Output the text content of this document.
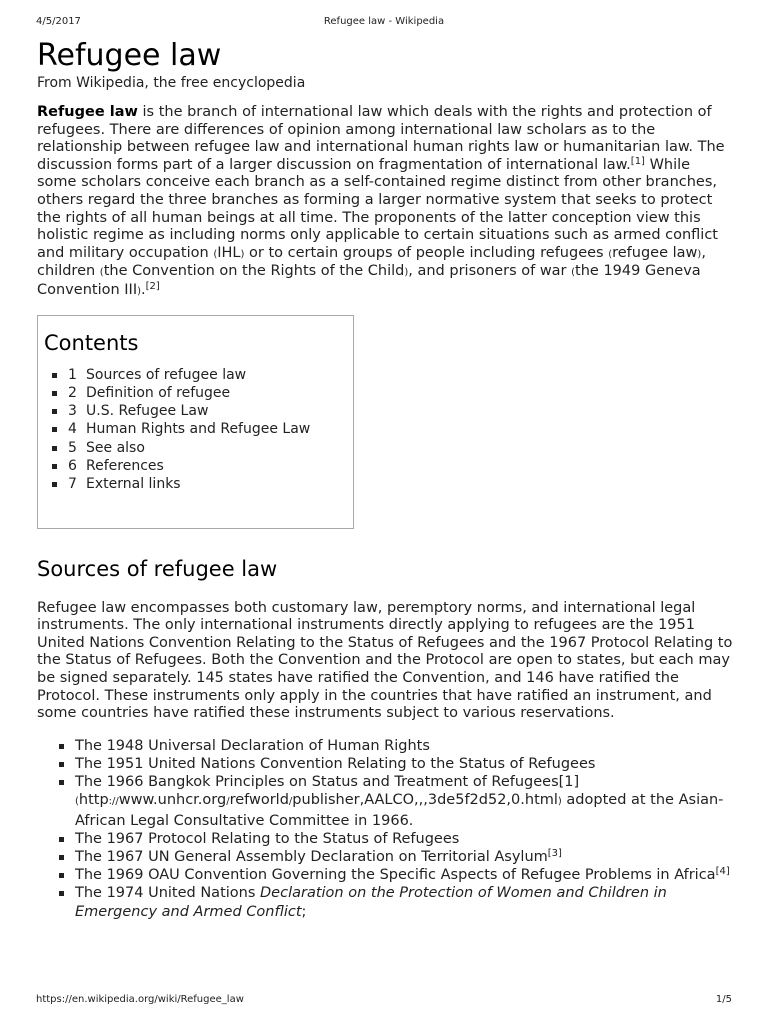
4/5/2017	Refugee law - Wikipedia
Refugee law
From Wikipedia, the free encyclopedia

Refugee law is the branch of international law which deals with the rights and protection of refugees. There are differences of opinion among international law scholars as to the relationship between refugee law and international human rights law or humanitarian law. The discussion forms part of a larger discussion on fragmentation of international law.[1] While some scholars conceive each branch as a self-contained regime distinct from other branches, others regard the three branches as forming a larger normative system that seeks to protect the rights of all human beings at all time. The proponents of the latter conception view this holistic regime as including norms only applicable to certain situations such as armed conflict and military occupation (IHL) or to certain groups of people including refugees (refugee law), children (the Convention on the Rights of the Child), and prisoners of war (the 1949 Geneva Convention III).[2]

Contents
1 Sources of refugee law
2 Definition of refugee
3 U.S. Refugee Law
4 Human Rights and Refugee Law
5 See also
6 References
7 External links
Sources of refugee law

Refugee law encompasses both customary law, peremptory norms, and international legal instruments. The only international instruments directly applying to refugees are the 1951 United Nations Convention Relating to the Status of Refugees and the 1967 Protocol Relating to the Status of Refugees. Both the Convention and the Protocol are open to states, but each may be signed separately. 145 states have ratified the Convention, and 146 have ratified the Protocol. These instruments only apply in the countries that have ratified an instrument, and some countries have ratified these instruments subject to various reservations.

The 1948 Universal Declaration of Human Rights
The 1951 United Nations Convention Relating to the Status of Refugees
The 1966 Bangkok Principles on Status and Treatment of Refugees[1] (http://www.unhcr.org/refworld/publisher,AALCO,,,3de5f2d52,0.html) adopted at the Asian-African Legal Consultative Committee in 1966.
The 1967 Protocol Relating to the Status of Refugees
The 1967 UN General Assembly Declaration on Territorial Asylum[3]
The 1969 OAU Convention Governing the Specific Aspects of Refugee Problems in Africa[4]
The 1974 United Nations Declaration on the Protection of Women and Children in Emergency and Armed Conflict;
https://en.wikipedia.org/wiki/Refugee_law	1/5
